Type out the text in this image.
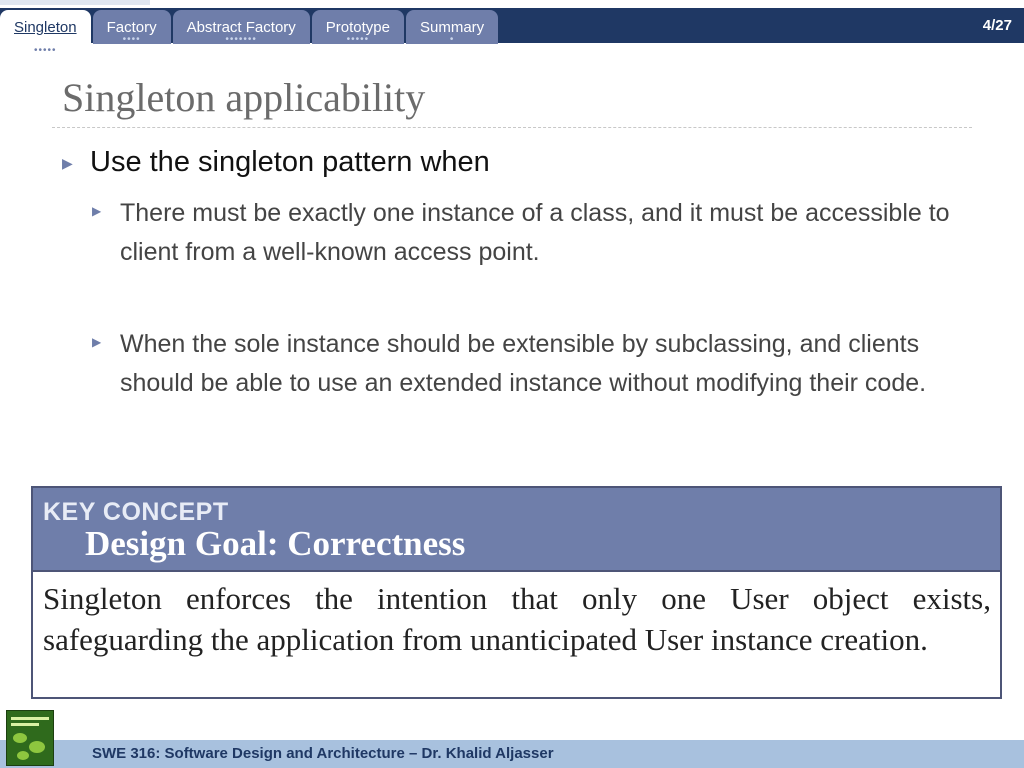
Singleton
•••••
Factory
••••
Abstract Factory
•••••••
Prototype
•••••
Summary
•
4/27
Singleton applicability
▶ Use the singleton pattern when
▶ There must be exactly one instance of a class, and it must be accessible to client from a well-known access point.
▶ When the sole instance should be extensible by subclassing, and clients should be able to use an extended instance without modifying their code.
KEY CONCEPT
Design Goal: Correctness
Singleton enforces the intention that only one User object exists, safeguarding the application from unanticipated User instance creation.
SWE 316: Software Design and Architecture – Dr. Khalid Aljasser
